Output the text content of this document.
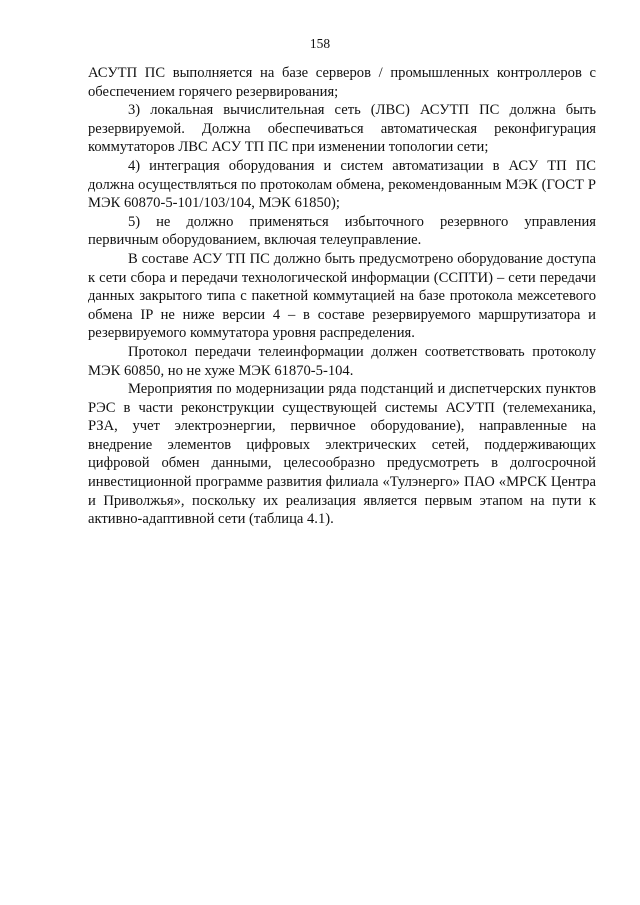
158

АСУТП ПС выполняется на базе серверов / промышленных контроллеров с обеспечением горячего резервирования;

3) локальная вычислительная сеть (ЛВС) АСУТП ПС должна быть резервируемой. Должна обеспечиваться автоматическая реконфигурация коммутаторов ЛВС АСУ ТП ПС при изменении топологии сети;

4) интеграция оборудования и систем автоматизации в АСУ ТП ПС должна осуществляться по протоколам обмена, рекомендованным МЭК (ГОСТ Р МЭК 60870-5-101/103/104, МЭК 61850);

5) не должно применяться избыточного резервного управления первичным оборудованием, включая телеуправление.

В составе АСУ ТП ПС должно быть предусмотрено оборудование доступа к сети сбора и передачи технологической информации (ССПТИ) – сети передачи данных закрытого типа с пакетной коммутацией на базе протокола межсетевого обмена IP не ниже версии 4 – в составе резервируемого маршрутизатора и резервируемого коммутатора уровня распределения.

Протокол передачи телеинформации должен соответствовать протоколу МЭК 60850, но не хуже МЭК 61870-5-104.

Мероприятия по модернизации ряда подстанций и диспетчерских пунктов РЭС в части реконструкции существующей системы АСУТП (телемеханика, РЗА, учет электроэнергии, первичное оборудование), направленные на внедрение элементов цифровых электрических сетей, поддерживающих цифровой обмен данными, целесообразно предусмотреть в долгосрочной инвестиционной программе развития филиала «Тулэнерго» ПАО «МРСК Центра и Приволжья», поскольку их реализация является первым этапом на пути к активно-адаптивной сети (таблица 4.1).
